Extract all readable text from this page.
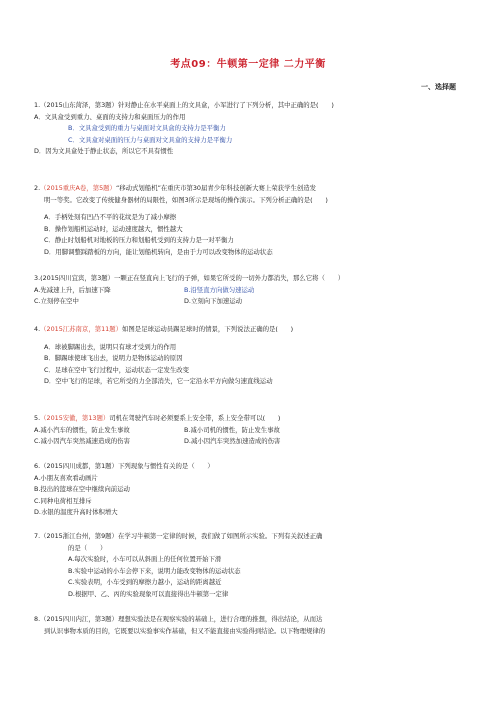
考点09：牛顿第一定律 二力平衡
一、选择题
1.（2015山东菏泽，第3题）针对静止在水平桌面上的文具盒，小军进行了下列分析，其中正确的是(　　)
A．文具盒受到重力、桌面的支持力和桌面压力的作用
B．文具盒受到的重力与桌面对文具盒的支持力是平衡力
C．文具盒对桌面的压力与桌面对文具盒的支持力是平衡力
D．因为文具盒处于静止状态，所以它不具有惯性
2.（2015重庆A卷，第5题）“移动式划船机”在重庆市第30届青少年科技创新大赛上荣获学生创造发
明一等奖。它改变了传统健身器材的局限性，如图3所示是现场的操作演示。下列分析正确的是(　　)
A．手柄处刻有凹凸不平的花纹是为了减小摩擦
B．操作划船机运动时，运动速度越大，惯性越大
C．静止时划船机对地板的压力和划船机受到的支持力是一对平衡力
D．用脚调整踩踏板的方向，能让划船机转向，是由于力可以改变物体的运动状态
3.(2015四川宜宾，第3题）一颗正在竖直向上飞行的子弹，如果它所受的一切外力都消失，那么它将（　　）
A.先减速上升，后加速下降	B.沿竖直方向做匀速运动
C.立刻停在空中	D.立刻向下加速运动
4.（2015江苏南京，第11题）如图是足球运动员踢足球时的情景，下列说法正确的是(　　)
A．球被脚踢出去，说明只有球才受到力的作用
B．脚踢球使球飞出去，说明力是物体运动的原因
C．足球在空中飞行过程中，运动状态一定发生改变
D．空中飞行的足球，若它所受的力全部消失，它一定沿水平方向做匀速直线运动
5.（2015安徽，第13题）司机在驾驶汽车时必须要系上安全带，系上安全带可以(　　)
A.减小汽车的惯性，防止发生事故	B.减小司机的惯性，防止发生事故
C.减小因汽车突然减速造成的伤害	D.减小因汽车突然加速造成的伤害
6.（2015四川成都，第1题）下列现象与惯性有关的是（　　）
A.小朋友喜欢看动画片
B.投出的篮球在空中继续向前运动
C.同种电荷相互排斥
D.水银的温度升高时体积增大
7.（2015浙江台州，第9题）在学习牛顿第一定律的时候，我们做了如图所示实验。下列有关叙述正确
的是（　　）
A.每次实验时，小车可以从斜面上的任何位置开始下滑
B.实验中运动的小车会停下来，说明力能改变物体的运动状态
C.实验表明，小车受到的摩擦力越小，运动的距离越近
D.根据甲、乙、丙的实验现象可以直接得出牛顿第一定律
8.（2015四川内江，第3题）理想实验法是在观察实验的基础上，进行合理的推想，得出结论，从而达
到认识事物本质的目的，它既要以实验事实作基础，但又不能直接由实验得到结论。以下物理规律的
